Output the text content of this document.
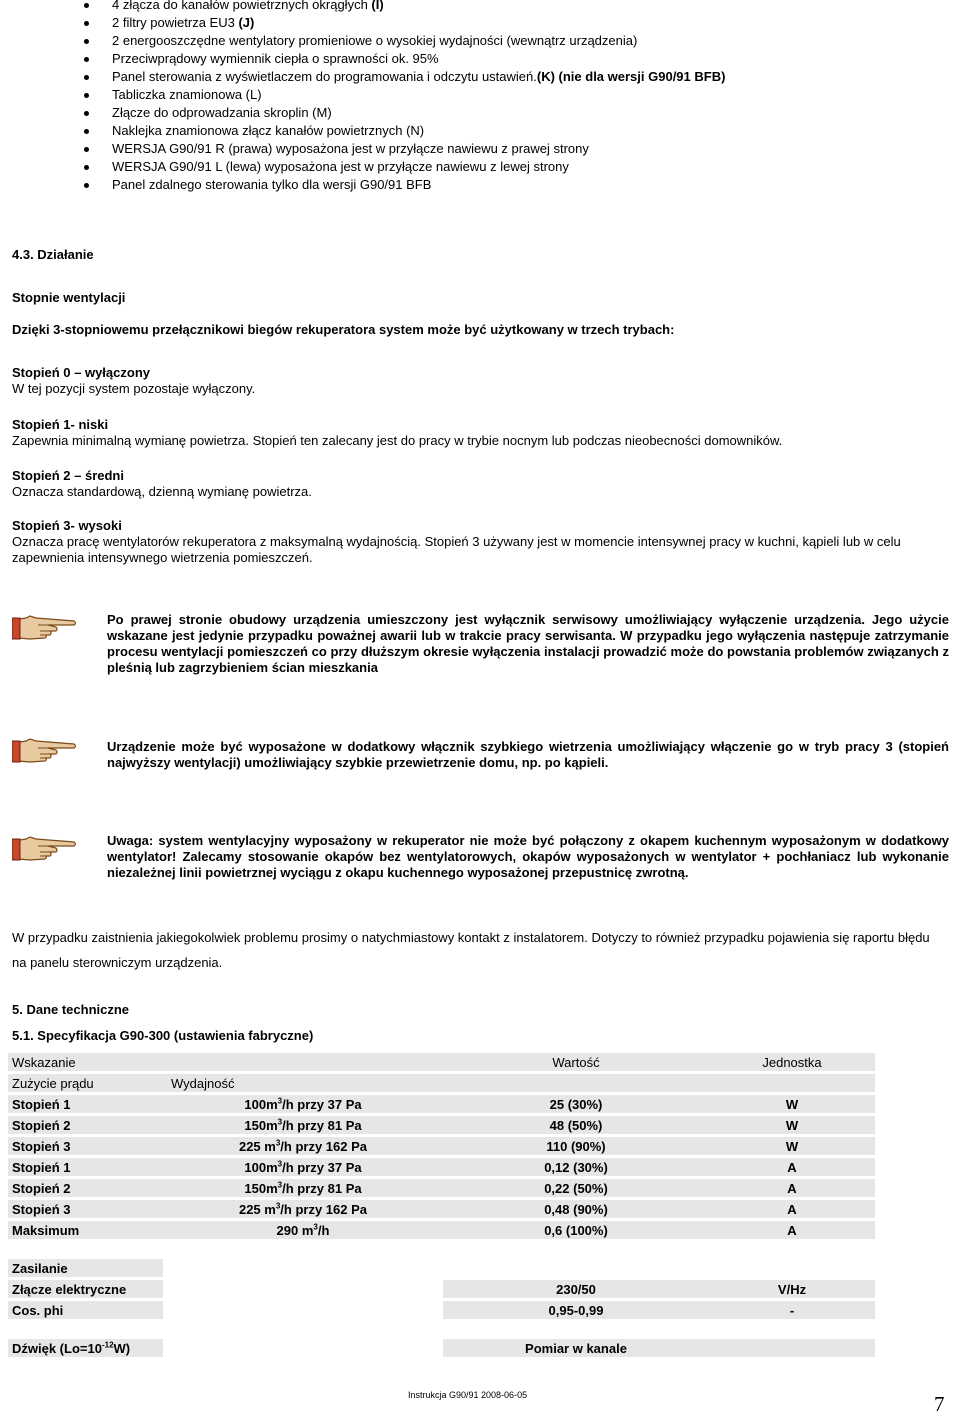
4 złącza do kanałów powietrznych okrągłych (I)
2 filtry powietrza EU3 (J)
2 energooszczędne wentylatory promieniowe o wysokiej wydajności (wewnątrz urządzenia)
Przeciwprądowy wymiennik ciepła o sprawności ok. 95%
Panel sterowania z wyświetlaczem do programowania i odczytu ustawień.(K) (nie dla wersji G90/91 BFB)
Tabliczka znamionowa (L)
Złącze do odprowadzania skroplin (M)
Naklejka znamionowa złącz kanałów powietrznych (N)
WERSJA G90/91 R (prawa) wyposażona jest w przyłącze nawiewu z prawej strony
WERSJA G90/91 L (lewa) wyposażona jest w przyłącze nawiewu z lewej strony
Panel zdalnego sterowania tylko dla wersji G90/91 BFB
4.3. Działanie
Stopnie wentylacji
Dzięki 3-stopniowemu przełącznikowi biegów rekuperatora system może być użytkowany w trzech trybach:
Stopień 0 – wyłączony
W tej pozycji system pozostaje wyłączony.
Stopień 1- niski
Zapewnia minimalną wymianę powietrza. Stopień ten zalecany jest do pracy w trybie nocnym lub podczas nieobecności domowników.
Stopień 2 – średni
Oznacza standardową, dzienną wymianę powietrza.
Stopień 3- wysoki
Oznacza pracę wentylatorów rekuperatora z maksymalną wydajnością. Stopień 3 używany jest w momencie intensywnej pracy w kuchni, kąpieli lub w celu zapewnienia intensywnego wietrzenia pomieszczeń.
Po prawej stronie obudowy urządzenia umieszczony jest wyłącznik serwisowy umożliwiający wyłączenie urządzenia. Jego użycie wskazane jest jedynie przypadku poważnej awarii lub w trakcie pracy serwisanta. W przypadku jego wyłączenia następuje zatrzymanie procesu wentylacji pomieszczeń co przy dłuższym okresie wyłączenia instalacji prowadzić może do powstania problemów związanych z pleśnią lub zagrzybieniem ścian mieszkania
Urządzenie może być wyposażone w dodatkowy włącznik szybkiego wietrzenia umożliwiający włączenie go w tryb pracy 3 (stopień najwyższy wentylacji) umożliwiający szybkie przewietrzenie domu, np. po kąpieli.
Uwaga: system wentylacyjny wyposażony w rekuperator nie może być połączony z okapem kuchennym wyposażonym w dodatkowy wentylator! Zalecamy stosowanie okapów bez wentylatorowych, okapów wyposażonych w wentylator + pochłaniacz lub wykonanie niezależnej linii powietrznej wyciągu z okapu kuchennego wyposażonej przepustnicę zwrotną.
W przypadku zaistnienia jakiegokolwiek problemu prosimy o natychmiastowy kontakt z instalatorem. Dotyczy to również przypadku pojawienia się raportu błędu na panelu sterowniczym urządzenia.
5. Dane techniczne
5.1. Specyfikacja G90-300 (ustawienia fabryczne)
Wskazanie		Wartość	Jednostka
Zużycie prądu	Wydajność		
Stopień 1	$100m^3/h$ przy 37 Pa	25 (30%)	W
Stopień 2	$150m^3/h$ przy 81 Pa	48 (50%)	W
Stopień 3	225 $m^3/h$ przy 162 Pa	110 (90%)	W
Stopień 1	$100m^3/h$ przy 37 Pa	0,12 (30%)	A
Stopień 2	$150m^3/h$ przy 81 Pa	0,22 (50%)	A
Stopień 3	225 $m^3/h$ przy 162 Pa	0,48 (90%)	A
Maksimum	290 $m^3/h$	0,6 (100%)	A

Zasilanie			
Złącze elektryczne		230/50	V/Hz
Cos. phi		0,95-0,99	-

Dźwięk $(Lo=10^{-12}W)$		Pomiar w kanale	
Instrukcja G90/91 2008-06-05	7
